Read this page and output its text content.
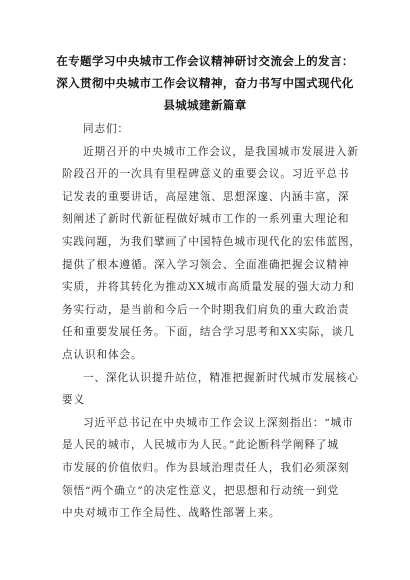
在专题学习中央城市工作会议精神研讨交流会上的发言：
深入贯彻中央城市工作会议精神，奋力书写中国式现代化
县城城建新篇章
同志们：
近期召开的中央城市工作会议，是我国城市发展进入新
阶段召开的一次具有里程碑意义的重要会议。习近平总书
记发表的重要讲话，高屋建瓴、思想深邃、内涵丰富，深
刻阐述了新时代新征程做好城市工作的一系列重大理论和
实践问题，为我们擘画了中国特色城市现代化的宏伟蓝图，
提供了根本遵循。深入学习领会、全面准确把握会议精神
实质，并将其转化为推动XX城市高质量发展的强大动力和
务实行动，是当前和今后一个时期我们肩负的重大政治责
任和重要发展任务。下面，结合学习思考和XX实际，谈几
点认识和体会。
一、深化认识提升站位，精准把握新时代城市发展核心
要义
习近平总书记在中央城市工作会议上深刻指出：“城市
是人民的城市，人民城市为人民。”此论断科学阐释了城
市发展的价值依归。作为县域治理责任人，我们必须深刻
领悟“两个确立”的决定性意义，把思想和行动统一到党
中央对城市工作全局性、战略性部署上来。
